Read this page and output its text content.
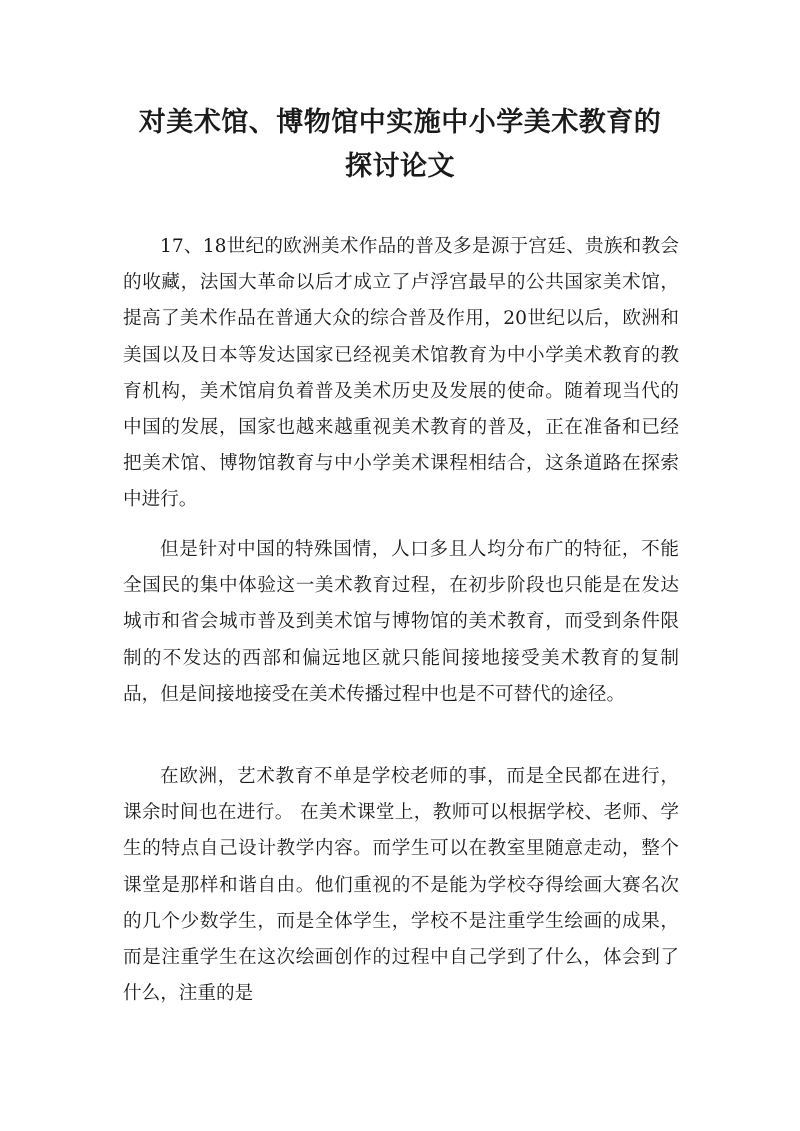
对美术馆、博物馆中实施中小学美术教育的
探讨论文

17、18世纪的欧洲美术作品的普及多是源于宫廷、贵族和教会的收藏，法国大革命以后才成立了卢浮宫最早的公共国家美术馆，提高了美术作品在普通大众的综合普及作用，20世纪以后，欧洲和美国以及日本等发达国家已经视美术馆教育为中小学美术教育的教育机构，美术馆肩负着普及美术历史及发展的使命。随着现当代的中国的发展，国家也越来越重视美术教育的普及，正在准备和已经把美术馆、博物馆教育与中小学美术课程相结合，这条道路在探索中进行。

但是针对中国的特殊国情，人口多且人均分布广的特征，不能全国民的集中体验这一美术教育过程，在初步阶段也只能是在发达城市和省会城市普及到美术馆与博物馆的美术教育，而受到条件限制的不发达的西部和偏远地区就只能间接地接受美术教育的复制品，但是间接地接受在美术传播过程中也是不可替代的途径。

在欧洲，艺术教育不单是学校老师的事，而是全民都在进行，课余时间也在进行。 在美术课堂上，教师可以根据学校、老师、学生的特点自己设计教学内容。而学生可以在教室里随意走动，整个课堂是那样和谐自由。他们重视的不是能为学校夺得绘画大赛名次的几个少数学生，而是全体学生，学校不是注重学生绘画的成果，而是注重学生在这次绘画创作的过程中自己学到了什么，体会到了什么，注重的是
